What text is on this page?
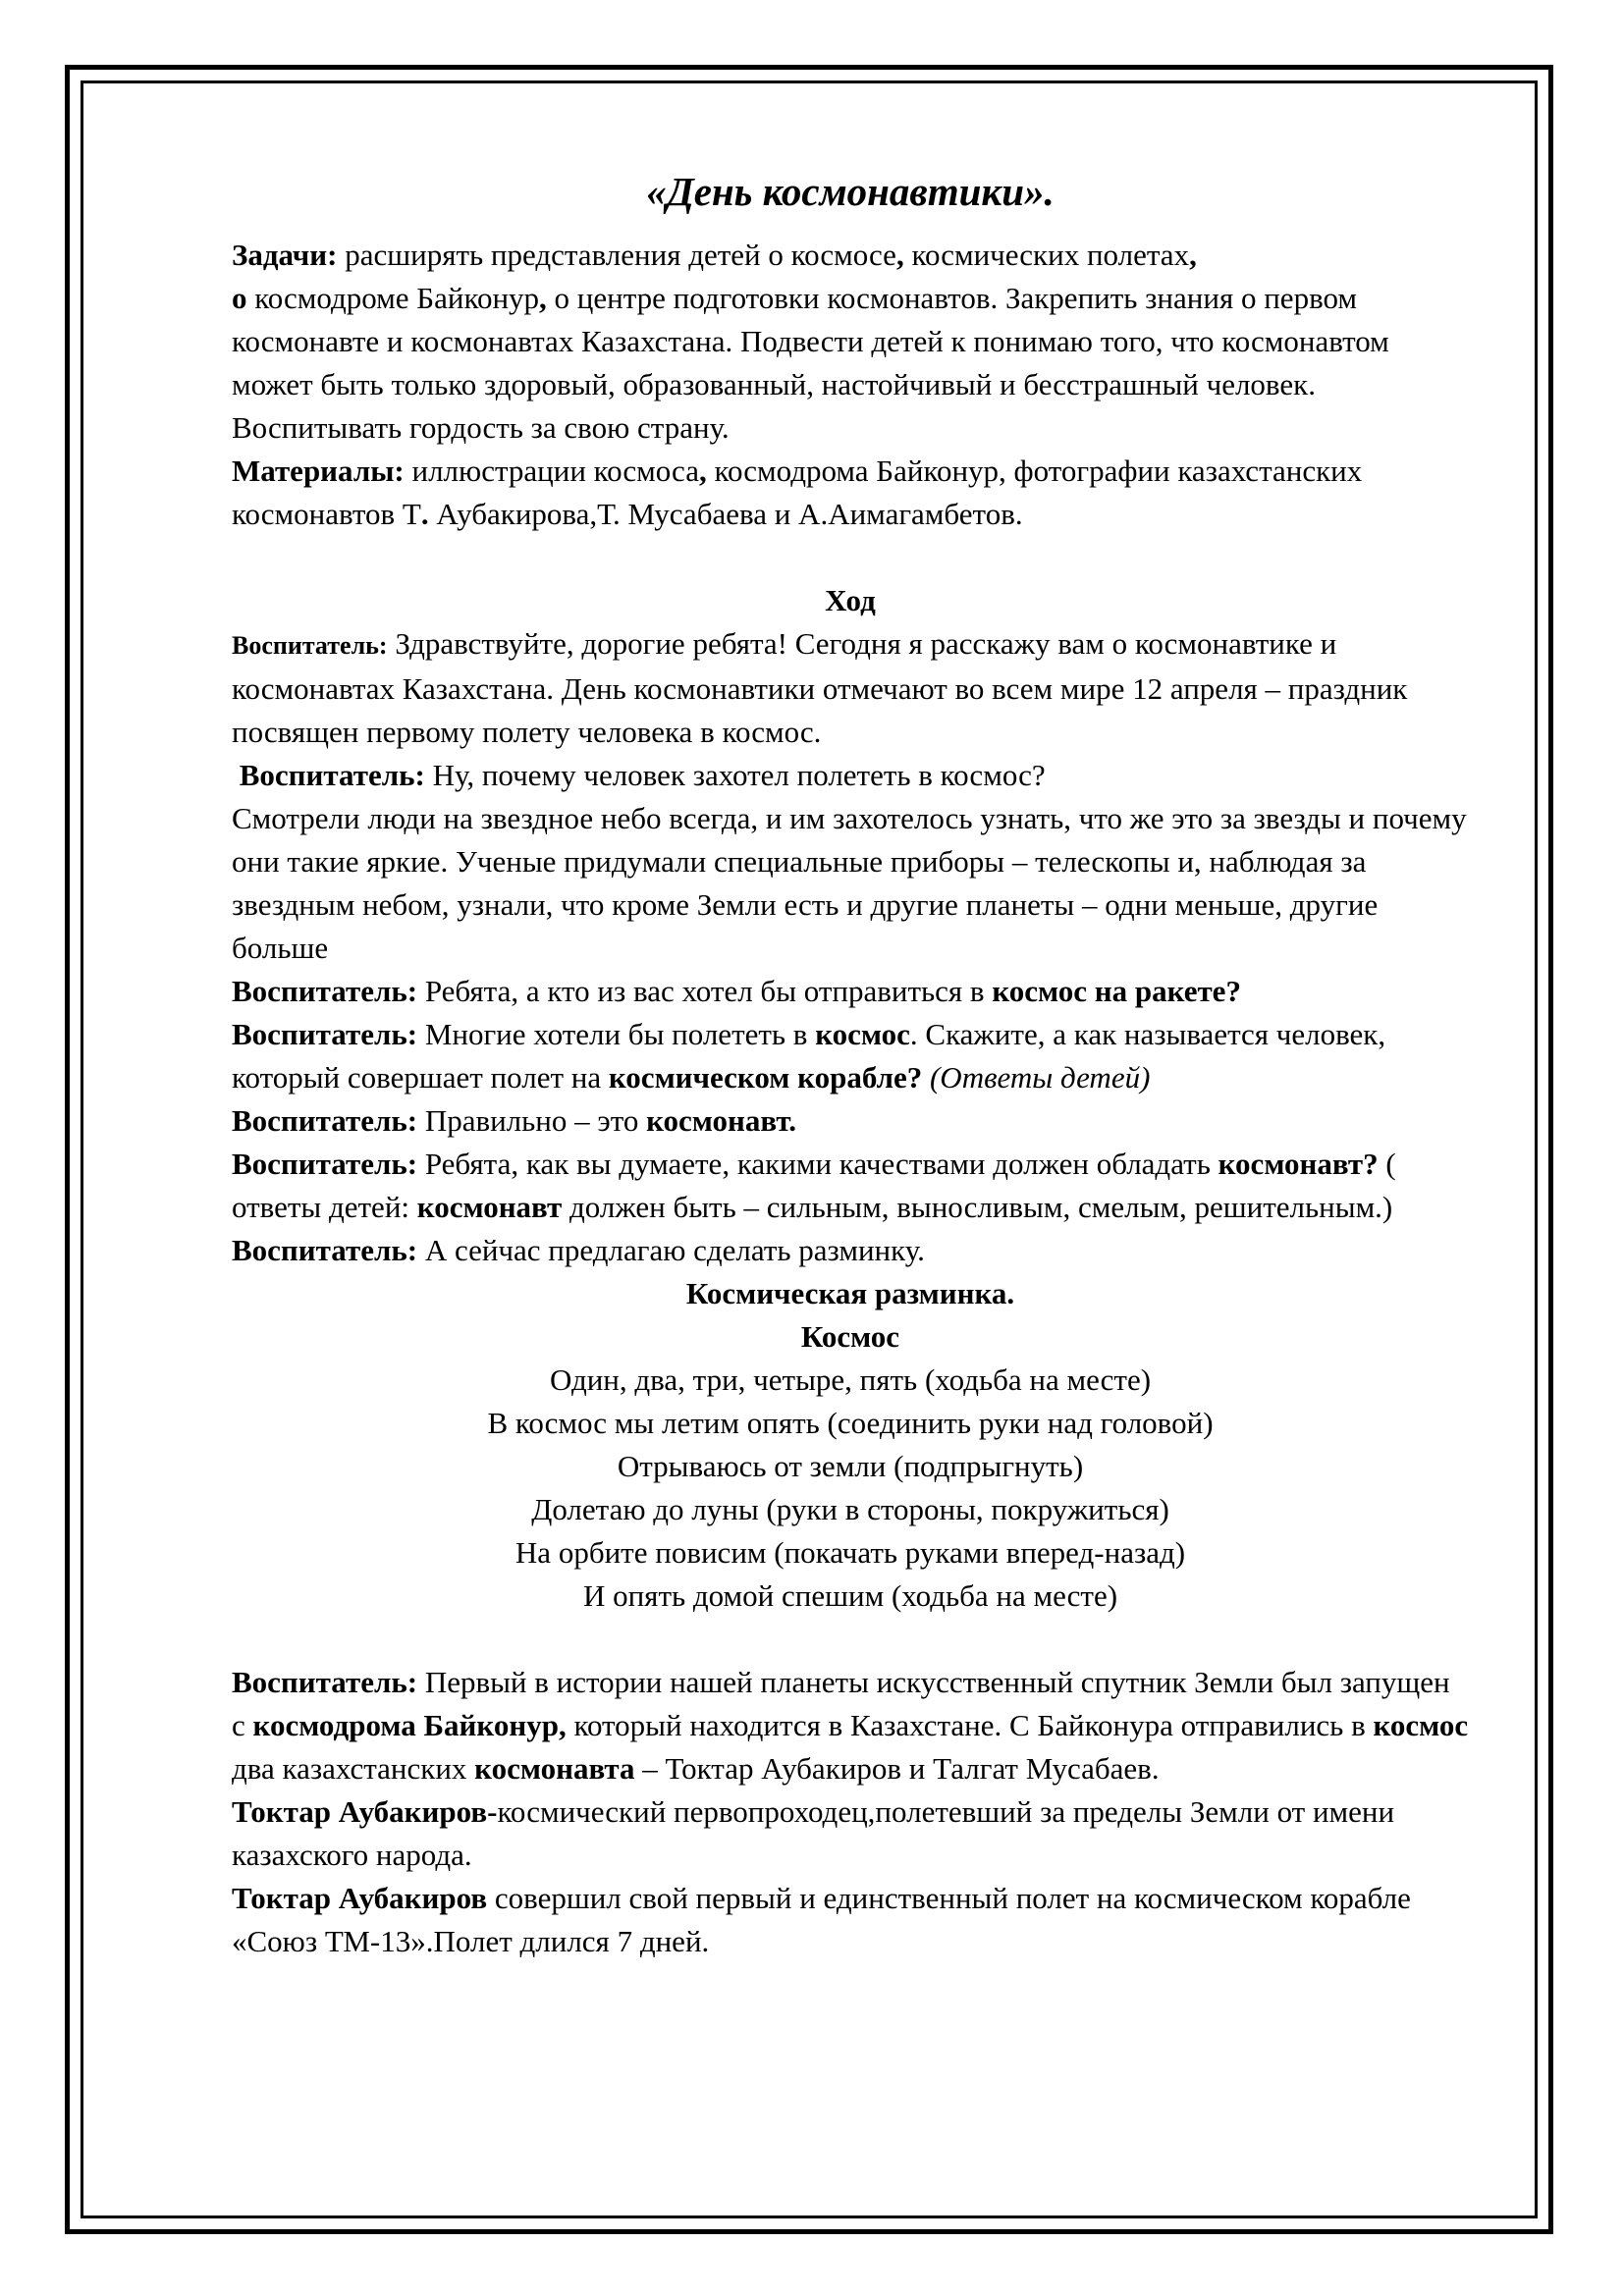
«День космонавтики».

Задачи: расширять представления детей о космосе, космических полетах,
о космодроме Байконур, о центре подготовки космонавтов. Закрепить знания о первом космонавте и космонавтах Казахстана. Подвести детей к понимаю того, что космонавтом может быть только здоровый, образованный, настойчивый и бесстрашный человек. Воспитывать гордость за свою страну.

Материалы: иллюстрации космоса, космодрома Байконур, фотографии казахстанских космонавтов Т. Аубакирова,Т. Мусабаева и А.Аимагамбетов.

Ход

Воспитатель: Здравствуйте, дорогие ребята! Сегодня я расскажу вам о космонавтике и космонавтах Казахстана. День космонавтики отмечают во всем мире 12 апреля – праздник посвящен первому полету человека в космос.

Воспитатель: Ну, почему человек захотел полететь в космос?

Смотрели люди на звездное небо всегда, и им захотелось узнать, что же это за звезды и почему они такие яркие. Ученые придумали специальные приборы – телескопы и, наблюдая за звездным небом, узнали, что кроме Земли есть и другие планеты – одни меньше, другие больше

Воспитатель: Ребята, а кто из вас хотел бы отправиться в космос на ракете?

Воспитатель: Многие хотели бы полететь в космос. Скажите, а как называется человек, который совершает полет на космическом корабле? (Ответы детей)

Воспитатель: Правильно – это космонавт.

Воспитатель: Ребята, как вы думаете, какими качествами должен обладать космонавт? ( ответы детей: космонавт должен быть – сильным, выносливым, смелым, решительным.)

Воспитатель: А сейчас предлагаю сделать разминку.

Космическая разминка.

Космос

Один, два, три, четыре, пять (ходьба на месте)

В космос мы летим опять (соединить руки над головой)

Отрываюсь от земли (подпрыгнуть)

Долетаю до луны (руки в стороны, покружиться)

На орбите повисим (покачать руками вперед-назад)

И опять домой спешим (ходьба на месте)

Воспитатель: Первый в истории нашей планеты искусственный спутник Земли был запущен с космодрома Байконур, который находится в Казахстане. С Байконура отправились в космос два казахстанских космонавта – Токтар Аубакиров и Талгат Мусабаев.

Токтар Аубакиров-космический первопроходец,полетевший за пределы Земли от имени казахского народа.

Токтар Аубакиров совершил свой первый и единственный полет на космическом корабле «Союз ТМ-13».Полет длился 7 дней.
